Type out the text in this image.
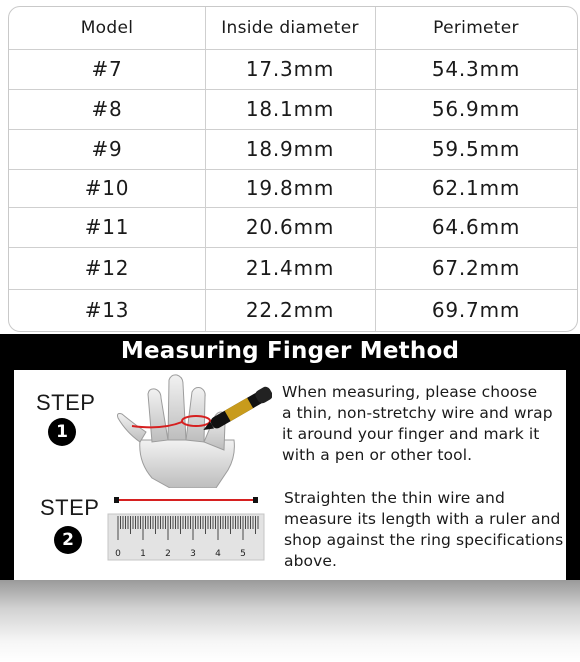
Model	Inside diameter	Perimeter
#7	17.3mm	54.3mm
#8	18.1mm	56.9mm
#9	18.9mm	59.5mm
#10	19.8mm	62.1mm
#11	20.6mm	64.6mm
#12	21.4mm	67.2mm
#13	22.2mm	69.7mm
Measuring Finger Method
STEP
1
When measuring, please choose
a thin, non-stretchy wire and wrap
it around your finger and mark it
with a pen or other tool.
STEP
2
0 1 2 3 4 5
Straighten the thin wire and
measure its length with a ruler and
shop against the ring specifications
above.
